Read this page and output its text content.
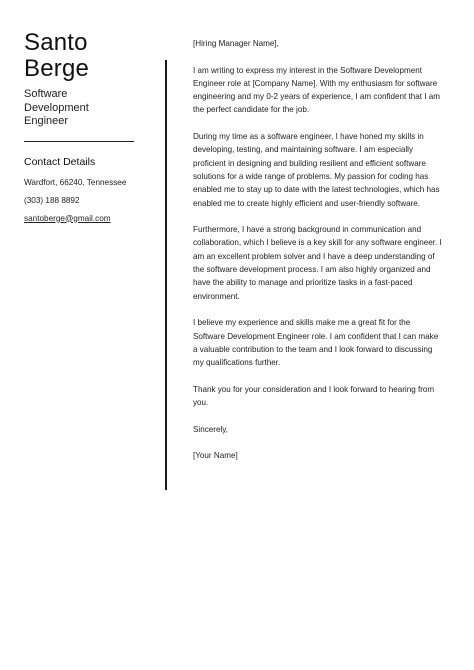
Santo
Berge
Software
Development
Engineer
Contact Details
Wardfort, 66240, Tennessee
(303) 188 8892
santoberge@gmail.com

[Hiring Manager Name],

I am writing to express my interest in the Software Development Engineer role at [Company Name]. With my enthusiasm for software engineering and my 0-2 years of experience, I am confident that I am the perfect candidate for the job.

During my time as a software engineer, I have honed my skills in developing, testing, and maintaining software. I am especially proficient in designing and building resilient and efficient software solutions for a wide range of problems. My passion for coding has enabled me to stay up to date with the latest technologies, which has enabled me to create highly efficient and user-friendly software.

Furthermore, I have a strong background in communication and collaboration, which I believe is a key skill for any software engineer. I am an excellent problem solver and I have a deep understanding of the software development process. I am also highly organized and have the ability to manage and prioritize tasks in a fast-paced environment.

I believe my experience and skills make me a great fit for the Software Development Engineer role. I am confident that I can make a valuable contribution to the team and I look forward to discussing my qualifications further.

Thank you for your consideration and I look forward to hearing from you.

Sincerely,

[Your Name]
